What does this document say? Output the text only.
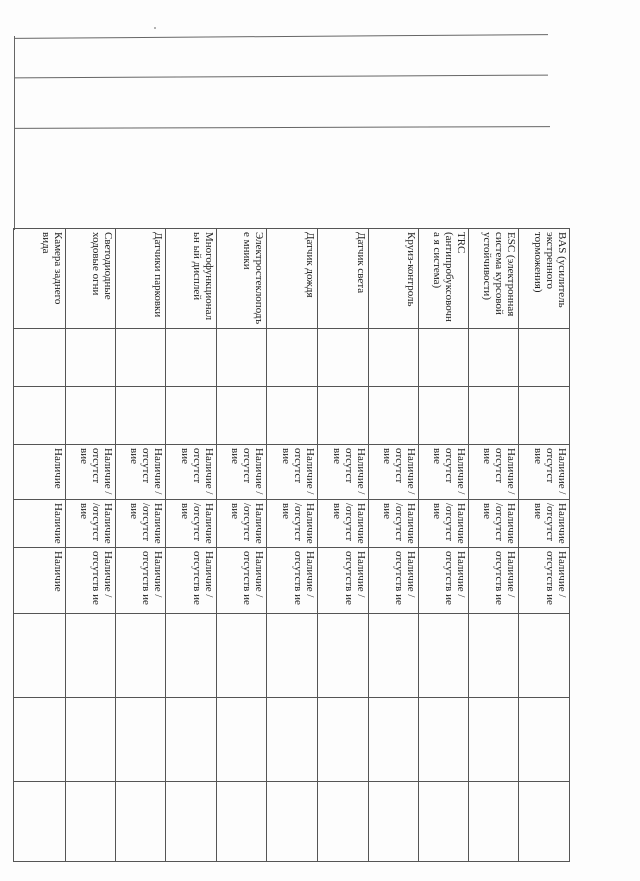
BAS (усилитель экстренного торможения)			Наличие /отсутст вие	Наличие /отсутст вие	Наличие /отсутств ие			
ESC (электронная система курсовой устойчивости)			Наличие /отсутст вие	Наличие /отсутст вие	Наличие /отсутств ие			
TRC (антипробуксовочна я система)			Наличие /отсутст вие	Наличие /отсутст вие	Наличие /отсутств ие			
Круиз-контроль			Наличие /отсутст вие	Наличие /отсутст вие	Наличие /отсутств ие			
Датчик света			Наличие /отсутст вие	Наличие /отсутст вие	Наличие /отсутств ие			
Датчик дождя			Наличие /отсутст вие	Наличие /отсутст вие	Наличие /отсутств ие			
Электростеклоподъе мники			Наличие /отсутст вие	Наличие /отсутст вие	Наличие /отсутств ие			
Многофункциональн ый дисплей			Наличие /отсутст вие	Наличие /отсутст вие	Наличие /отсутств ие			
Датчики парковки			Наличие /отсутст вие	Наличие /отсутст вие	Наличие /отсутств ие			
Светодиодные ходовые огни			Наличие /отсутст вие	Наличие /отсутст вие	Наличие /отсутств ие			
Камера заднего вида			Наличие	Наличие	Наличие			
